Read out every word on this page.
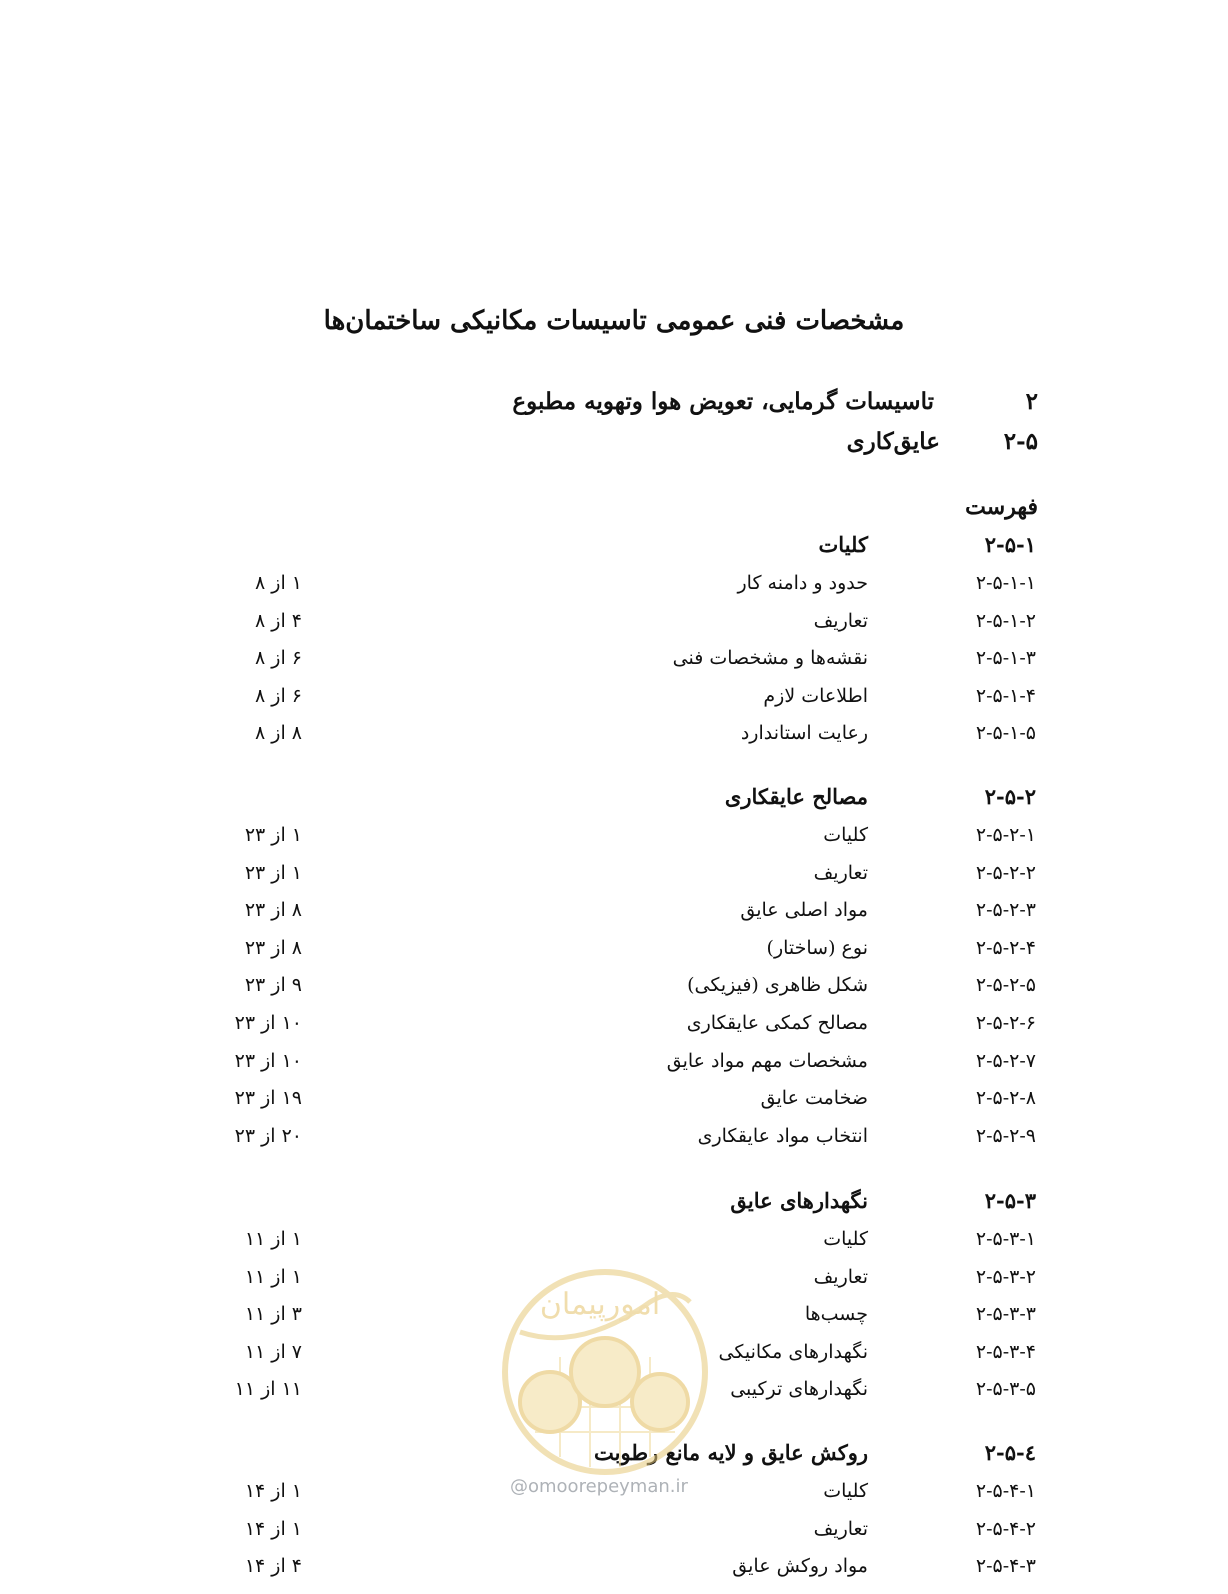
مشخصات فنی عمومی تاسیسات مکانیکی ساختمان‌ها
۲
تاسیسات گرمایی، تعویض هوا وتهویه مطبوع
۲-۵
عایق‌کاری
فهرست
۲-۵-۱
کلیات
۲-۵-۱-۱
حدود و دامنه کار
۱ از ۸
۲-۵-۱-۲
تعاریف
۴ از ۸
۲-۵-۱-۳
نقشه‌ها و مشخصات فنی
۶ از ۸
۲-۵-۱-۴
اطلاعات لازم
۶ از ۸
۲-۵-۱-۵
رعایت استاندارد
۸ از ۸
۲-۵-۲
مصالح عایقکاری
۲-۵-۲-۱
کلیات
۱ از ۲۳
۲-۵-۲-۲
تعاریف
۱ از ۲۳
۲-۵-۲-۳
مواد اصلی عایق
۸ از ۲۳
۲-۵-۲-۴
نوع (ساختار)
۸ از ۲۳
۲-۵-۲-۵
شکل ظاهری (فیزیکی)
۹ از ۲۳
۲-۵-۲-۶
مصالح کمکی عایقکاری
۱۰ از ۲۳
۲-۵-۲-۷
مشخصات مهم مواد عایق
۱۰ از ۲۳
۲-۵-۲-۸
ضخامت عایق
۱۹ از ۲۳
۲-۵-۲-۹
انتخاب مواد عایقکاری
۲۰ از ۲۳
۲-۵-۳
نگهدارهای عایق
۲-۵-۳-۱
کلیات
۱ از ۱۱
۲-۵-۳-۲
تعاریف
۱ از ۱۱
۲-۵-۳-۳
چسب‌ها
۳ از ۱۱
۲-۵-۳-۴
نگهدارهای مکانیکی
۷ از ۱۱
۲-۵-۳-۵
نگهدارهای ترکیبی
۱۱ از ۱۱
۲-۵-٤
روکش عایق و لایه مانع رطوبت
۲-۵-۴-۱
کلیات
۱ از ۱۴
۲-۵-۴-۲
تعاریف
۱ از ۱۴
۲-۵-۴-۳
مواد روکش عایق
۴ از ۱۴
امورپیمان
@omoorepeyman.ir
